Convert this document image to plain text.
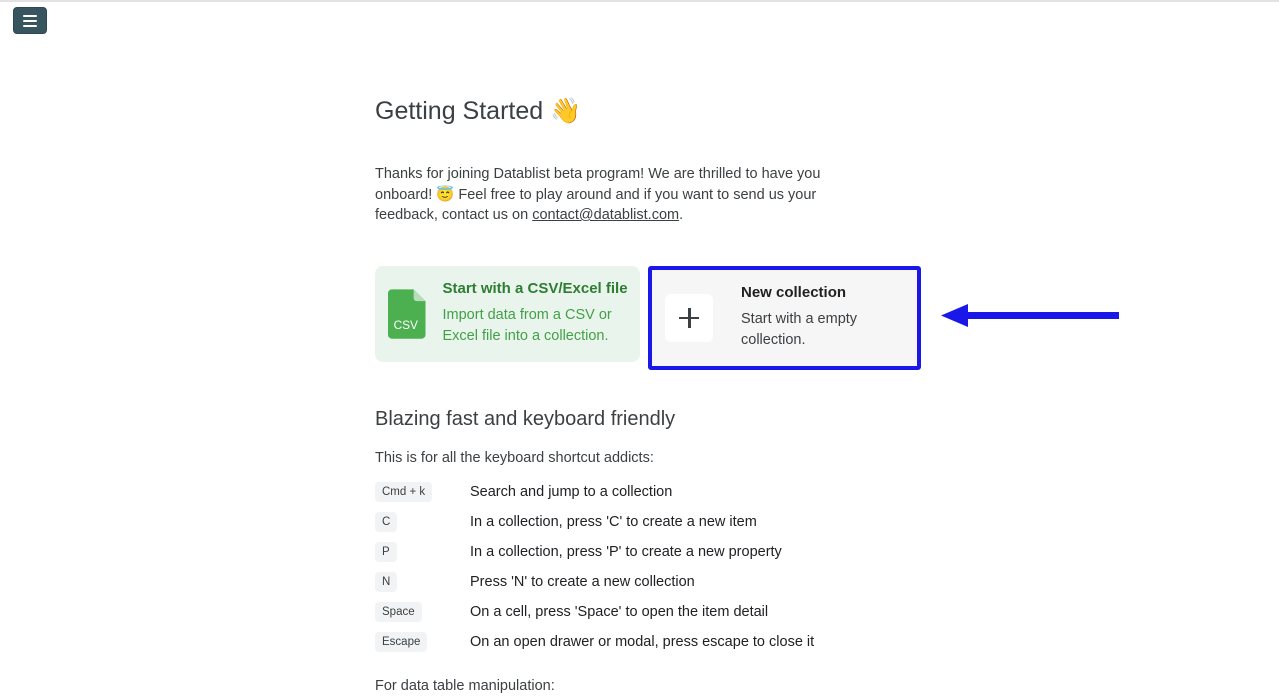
Getting Started 👋

Thanks for joining Datablist beta program! We are thrilled to have you onboard! 😇 Feel free to play around and if you want to send us your feedback, contact us on contact@datablist.com.

CSV
Start with a CSV/Excel file
Import data from a CSV or Excel file into a collection.
New collection
Start with a empty collection.
Blazing fast and keyboard friendly

This is for all the keyboard shortcut addicts:

Cmd + k	Search and jump to a collection
C	In a collection, press 'C' to create a new item
P	In a collection, press 'P' to create a new property
N	Press 'N' to create a new collection
Space	On a cell, press 'Space' to open the item detail
Escape	On an open drawer or modal, press escape to close it

For data table manipulation:
